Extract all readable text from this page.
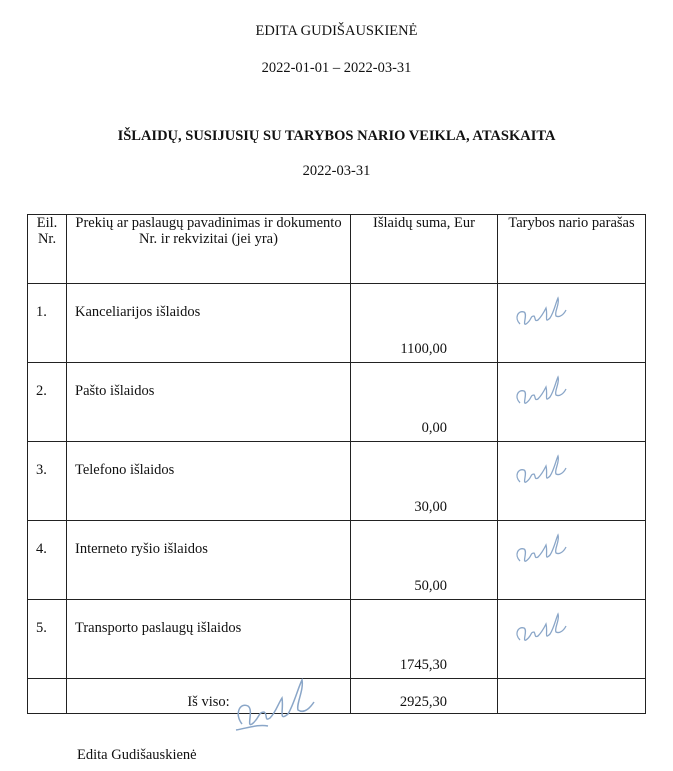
EDITA GUDIŠAUSKIENĖ
2022-01-01 – 2022-03-31
IŠLAIDŲ, SUSIJUSIŲ SU TARYBOS NARIO VEIKLA, ATASKAITA
2022-03-31
Eil. Nr.	Prekių ar paslaugų pavadinimas ir dokumento Nr. ir rekvizitai (jei yra)	Išlaidų suma, Eur	Tarybos nario parašas
1.	Kanceliarijos išlaidos	1100,00

2.	Pašto išlaidos	0,00

3.	Telefono išlaidos	30,00

4.	Interneto ryšio išlaidos	50,00

5.	Transporto paslaugų išlaidos	1745,30

	Iš viso:	2925,30	

Edita Gudišauskienė
